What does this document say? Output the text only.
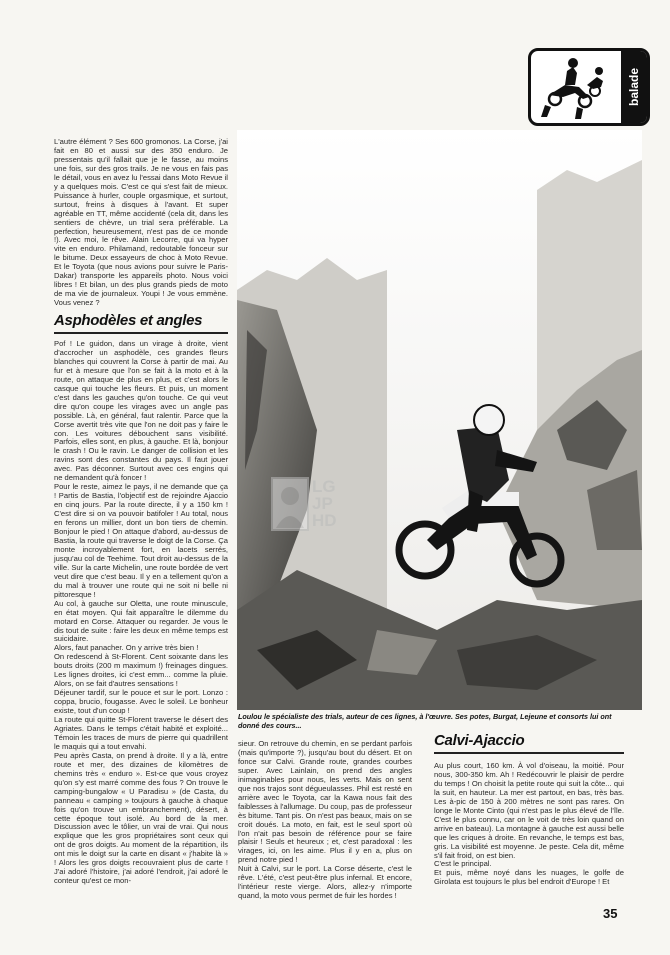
balade

L'autre élément ? Ses 600 gromonos. La Corse, j'ai fait en 80 et aussi sur des 350 enduro. Je pressentais qu'il fallait que je le fasse, au moins une fois, sur des gros trails. Je ne vous en fais pas le détail, vous en avez lu l'essai dans Moto Revue il y a quelques mois. C'est ce qui s'est fait de mieux. Puissance à hurler, couple orgasmique, et surtout, surtout, freins à disques à l'avant. Et super agréable en TT, même accidenté (cela dit, dans les sentiers de chèvre, un trial sera préférable. La perfection, heureusement, n'est pas de ce monde !). Avec moi, le rêve. Alain Lecorre, qui va hyper vite en enduro. Philamand, redoutable fonceur sur le bitume. Deux essayeurs de choc à Moto Revue. Et le Toyota (que nous avions pour suivre le Paris-Dakar) transporte les appareils photo. Nous voici libres ! Et bilan, un des plus grands pieds de moto de ma vie de journaleux. Youpi ! Je vous emmène. Vous venez ?

Asphodèles et angles

Pof ! Le guidon, dans un virage à droite, vient d'accrocher un asphodèle, ces grandes fleurs blanches qui couvrent la Corse à partir de mai. Au fur et à mesure que l'on se fait à la moto et à la route, on attaque de plus en plus, et c'est alors le casque qui touche les fleurs. Et puis, un moment c'est dans les gauches qu'on touche. Ce qui veut dire qu'on coupe les virages avec un angle pas possible. Là, en général, faut ralentir. Parce que la Corse avertit très vite que l'on ne doit pas y faire le con. Les voitures débouchent sans visibilité. Parfois, elles sont, en plus, à gauche. Et là, bonjour le crash ! Ou le ravin. Le danger de collision et les ravins sont des constantes du pays. Il faut jouer avec. Pas déconner. Surtout avec ces engins qui ne demandent qu'à foncer !

Pour le reste, aimez le pays, il ne demande que ça ! Partis de Bastia, l'objectif est de rejoindre Ajaccio en cinq jours. Par la route directe, il y a 150 km ! C'est dire si on va pouvoir batifoler ! Au total, nous en ferons un millier, dont un bon tiers de chemin. Bonjour le pied ! On attaque d'abord, au-dessus de Bastia, la route qui traverse le doigt de la Corse. Ça monte incroyablement fort, en lacets serrés, jusqu'au col de Teehime. Tout droit au-dessus de la ville. Sur la carte Michelin, une route bordée de vert veut dire que c'est beau. Il y en a tellement qu'on a du mal à trouver une route qui ne soit ni belle ni pittoresque !

Au col, à gauche sur Oletta, une route minuscule, en état moyen. Qui fait apparaître le dilemme du motard en Corse. Attaquer ou regarder. Je vous le dis tout de suite : faire les deux en même temps est suicidaire.

Alors, faut panacher. On y arrive très bien !

On redescend à St-Florent. Cent soixante dans les bouts droits (200 m maximum !) freinages dingues. Les lignes droites, ici c'est emm... comme la pluie. Alors, on se fait d'autres sensations !

Déjeuner tardif, sur le pouce et sur le port. Lonzo : coppa, brucio, fougasse. Avec le soleil. Le bonheur existe, tout d'un coup !

La route qui quitte St-Florent traverse le désert des Agriates. Dans le temps c'était habité et exploité... Témoin les traces de murs de pierre qui quadrillent le maquis qui a tout envahi.

Peu après Casta, on prend à droite. Il y a là, entre route et mer, des dizaines de kilomètres de chemins très « enduro ». Est-ce que vous croyez qu'on s'y est marré comme des fous ? On trouve le camping-bungalow « U Paradisu » (de Casta, du panneau « camping » toujours à gauche à chaque fois qu'on trouve un embranchement), désert, à cette époque tout isolé. Au bord de la mer. Discussion avec le tôlier, un vrai de vrai. Qui nous explique que les gros propriétaires sont ceux qui ont de gros doigts. Au moment de la répartition, ils ont mis le doigt sur la carte en disant « j'habite là » ! Alors les gros doigts recouvraient plus de carte ! J'ai adoré l'histoire, j'ai adoré l'endroit, j'ai adoré le conteur qu'est ce mon-

LG
JP
HD
Loulou le spécialiste des trials, auteur de ces lignes, à l'œuvre. Ses potes, Burgat, Lejeune et consorts lui ont donné des cours...

sieur. On retrouve du chemin, en se perdant parfois (mais qu'importe ?), jusqu'au bout du désert. Et on fonce sur Calvi. Grande route, grandes courbes super. Avec Lainlain, on prend des angles inimaginables pour nous, les verts. Mais on sent que nos trajos sont dégueulasses. Phil est resté en arrière avec le Toyota, car la Kawa nous fait des faiblesses à l'allumage. Du coup, pas de professeur ès bitume. Tant pis. On n'est pas beaux, mais on se croit doués. La moto, en fait, est le seul sport où l'on n'ait pas besoin de référence pour se faire plaisir ! Seuls et heureux ; et, c'est paradoxal : les virages, ici, on les aime. Plus il y en a, plus on prend notre pied !

Nuit à Calvi, sur le port. La Corse déserte, c'est le rêve. L'été, c'est peut-être plus infernal. Et encore, l'intérieur reste vierge. Alors, allez-y n'importe quand, la moto vous permet de fuir les hordes !

Calvi-Ajaccio

Au plus court, 160 km. À vol d'oiseau, la moitié. Pour nous, 300-350 km. Ah ! Redécouvrir le plaisir de perdre du temps ! On choisit la petite route qui suit la côte... qui la suit, en hauteur. La mer est partout, en bas, très bas. Les à-pic de 150 à 200 mètres ne sont pas rares. On longe le Monte Cinto (qui n'est pas le plus élevé de l'île. C'est le plus connu, car on le voit de très loin quand on arrive en bateau). La montagne à gauche est aussi belle que les criques à droite. En revanche, le temps est bas, gris. La visibilité est moyenne. Je peste. Cela dit, même s'il fait froid, on est bien.

C'est le principal.

Et puis, même noyé dans les nuages, le golfe de Girolata est toujours le plus bel endroit d'Europe ! Et

35
